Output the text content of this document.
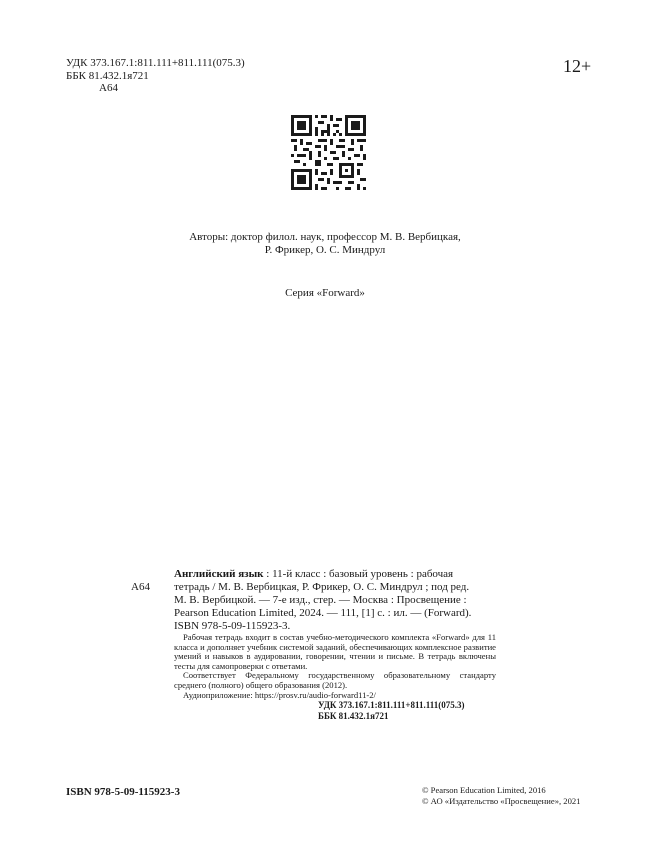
УДК 373.167.1:811.111+811.111(075.3)
ББК 81.432.1я721
А64
12+
Авторы: доктор филол. наук, профессор М. В. Вербицкая,
Р. Фрикер, О. С. Миндрул
Серия «Forward»
А64
Английский язык : 11-й класс : базовый уровень : рабочая
тетрадь / М. В. Вербицкая, Р. Фрикер, О. С. Миндрул ; под ред.
М. В. Вербицкой. — 7-е изд., стер. — Москва : Просвещение :
Pearson Education Limited, 2024. — 111, [1] с. : ил. — (Forward).
ISBN 978-5-09-115923-3.
Рабочая тетрадь входит в состав учебно-методического комплекта «Forward» для 11 класса и дополняет учебник системой заданий, обеспечивающих комплексное развитие умений и навыков в аудировании, говорении, чтении и письме. В тетрадь включены тесты для самопроверки с ответами.
Соответствует Федеральному государственному образовательному стандарту среднего (полного) общего образования (2012).
Аудиоприложение: https://prosv.ru/audio-forward11-2/
УДК 373.167.1:811.111+811.111(075.3)
ББК 81.432.1я721
ISBN 978-5-09-115923-3	© Pearson Education Limited, 2016
© АО «Издательство «Просвещение», 2021
